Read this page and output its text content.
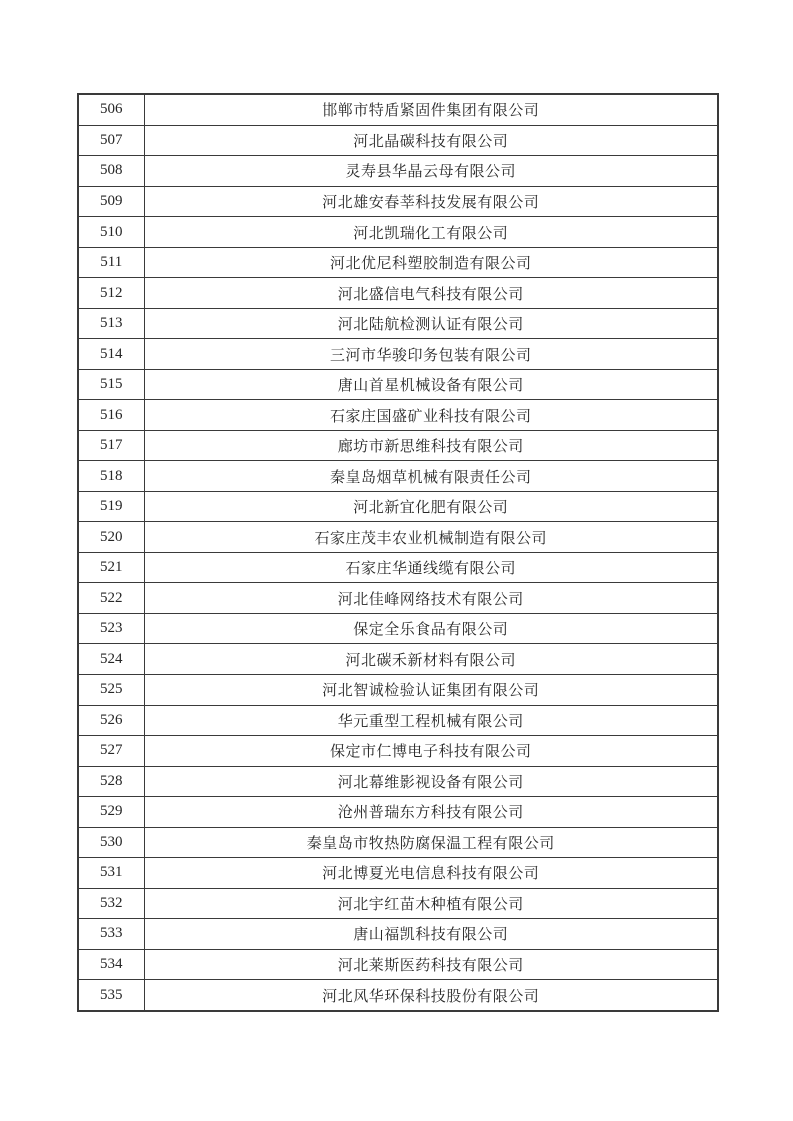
506	邯郸市特盾紧固件集团有限公司
507	河北晶碳科技有限公司
508	灵寿县华晶云母有限公司
509	河北雄安春莘科技发展有限公司
510	河北凯瑞化工有限公司
511	河北优尼科塑胶制造有限公司
512	河北盛信电气科技有限公司
513	河北陆航检测认证有限公司
514	三河市华骏印务包装有限公司
515	唐山首星机械设备有限公司
516	石家庄国盛矿业科技有限公司
517	廊坊市新思维科技有限公司
518	秦皇岛烟草机械有限责任公司
519	河北新宜化肥有限公司
520	石家庄茂丰农业机械制造有限公司
521	石家庄华通线缆有限公司
522	河北佳峰网络技术有限公司
523	保定全乐食品有限公司
524	河北碳禾新材料有限公司
525	河北智诚检验认证集团有限公司
526	华元重型工程机械有限公司
527	保定市仁博电子科技有限公司
528	河北幕维影视设备有限公司
529	沧州普瑞东方科技有限公司
530	秦皇岛市牧热防腐保温工程有限公司
531	河北博夏光电信息科技有限公司
532	河北宇红苗木种植有限公司
533	唐山福凯科技有限公司
534	河北莱斯医药科技有限公司
535	河北风华环保科技股份有限公司
